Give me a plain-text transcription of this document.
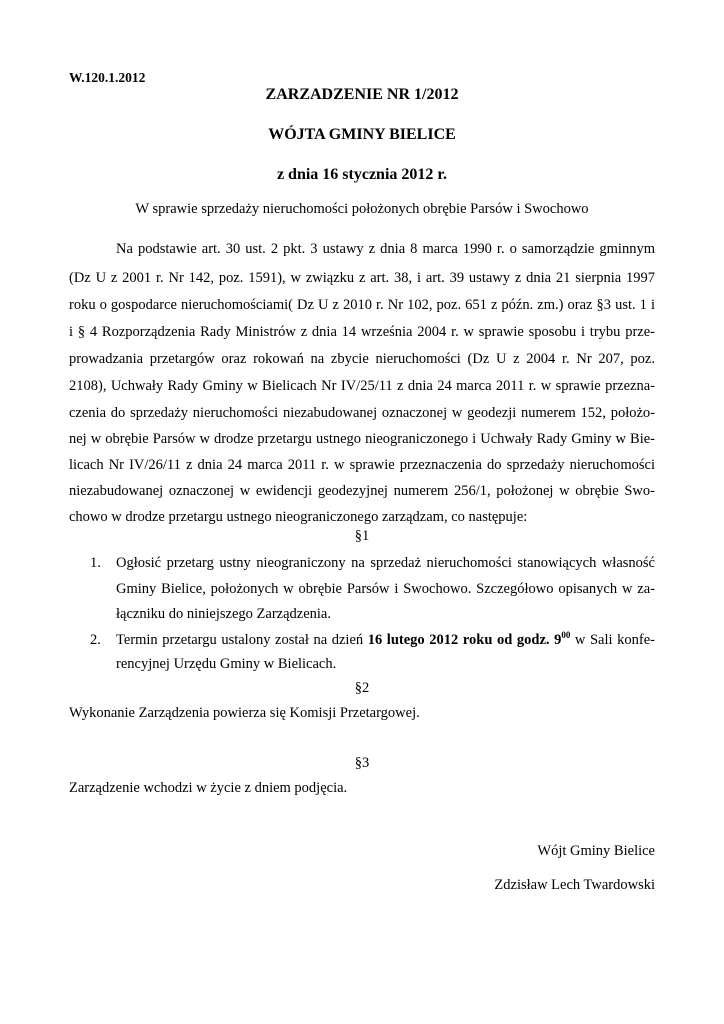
W.120.1.2012
ZARZADZENIE NR 1/2012
WÓJTA GMINY BIELICE
z dnia 16 stycznia 2012 r.
W sprawie sprzedaży nieruchomości położonych obrębie Parsów i Swochowo
Na podstawie art. 30 ust. 2 pkt. 3 ustawy z dnia 8 marca 1990 r. o samorządzie gminnym
(Dz U z 2001 r. Nr 142, poz. 1591), w związku z art. 38, i art. 39 ustawy z dnia 21 sierpnia 1997
roku o gospodarce nieruchomościami( Dz U z 2010 r. Nr 102, poz. 651 z późn. zm.) oraz §3 ust. 1 i
i § 4 Rozporządzenia Rady Ministrów z dnia 14 września 2004 r. w sprawie sposobu i trybu prze-
prowadzania przetargów oraz rokowań na zbycie nieruchomości (Dz U z 2004 r. Nr 207, poz.
2108), Uchwały Rady Gminy w Bielicach Nr IV/25/11 z dnia 24 marca 2011 r. w sprawie przezna-
czenia do sprzedaży nieruchomości niezabudowanej oznaczonej w geodezji numerem 152, położo-
nej w obrębie Parsów w drodze przetargu ustnego nieograniczonego i Uchwały Rady Gminy w Bie-
licach Nr IV/26/11 z dnia 24 marca 2011 r. w sprawie przeznaczenia do sprzedaży nieruchomości
niezabudowanej oznaczonej w ewidencji geodezyjnej numerem 256/1, położonej w obrębie Swo-
chowo w drodze przetargu ustnego nieograniczonego zarządzam, co następuje:
§1
1. Ogłosić przetarg ustny nieograniczony na sprzedaż nieruchomości stanowiących własność
Gminy Bielice, położonych w obrębie Parsów i Swochowo. Szczegółowo opisanych w za-
łączniku do niniejszego Zarządzenia.
2. Termin przetargu ustalony został na dzień 16 lutego 2012 roku od godz. $9^{00}$ w Sali konfe-
rencyjnej Urzędu Gminy w Bielicach.
§2
Wykonanie Zarządzenia powierza się Komisji Przetargowej.
§3
Zarządzenie wchodzi w życie z dniem podjęcia.
Wójt Gminy Bielice
Zdzisław Lech Twardowski
